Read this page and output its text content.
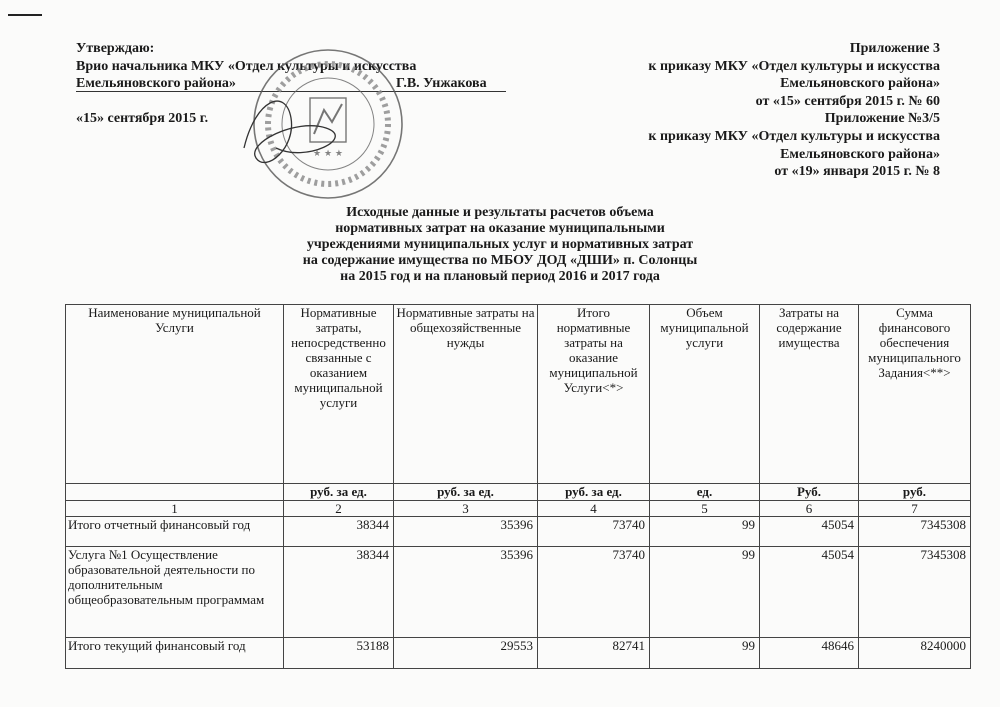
Утверждаю:
Врио начальника МКУ «Отдел культуры и искусства
Емельяновского района»	Г.В. Унжакова
«15» сентября 2015 г.
Приложение 3
к приказу МКУ «Отдел культуры и искусства
Емельяновского района»
от «15» сентября 2015 г. № 60
Приложение №3/5
к приказу МКУ «Отдел культуры и искусства
Емельяновского района»
от «19» января 2015 г. № 8
★ ★ ★
Исходные данные и результаты расчетов объема
нормативных затрат на оказание муниципальными
учреждениями муниципальных услуг и нормативных затрат
на содержание имущества по МБОУ ДОД «ДШИ» п. Солонцы
на 2015 год и на плановый период 2016 и 2017 года
Наименование муниципальной Услуги	Нормативные затраты, непосредственно связанные с оказанием муниципальной услуги	Нормативные затраты на общехозяйственные нужды	Итого нормативные затраты на оказание муниципальной Услуги<*>	Объем муниципальной услуги	Затраты на содержание имущества	Сумма финансового обеспечения муниципального Задания<**>
	руб. за ед.	руб. за ед.	руб. за ед.	ед.	Руб.	руб.
1	2	3	4	5	6	7
Итого отчетный финансовый год	38344	35396	73740	99	45054	7345308
Услуга №1 Осуществление образовательной деятельности по дополнительным общеобразовательным программам	38344	35396	73740	99	45054	7345308
Итого текущий финансовый год	53188	29553	82741	99	48646	8240000
